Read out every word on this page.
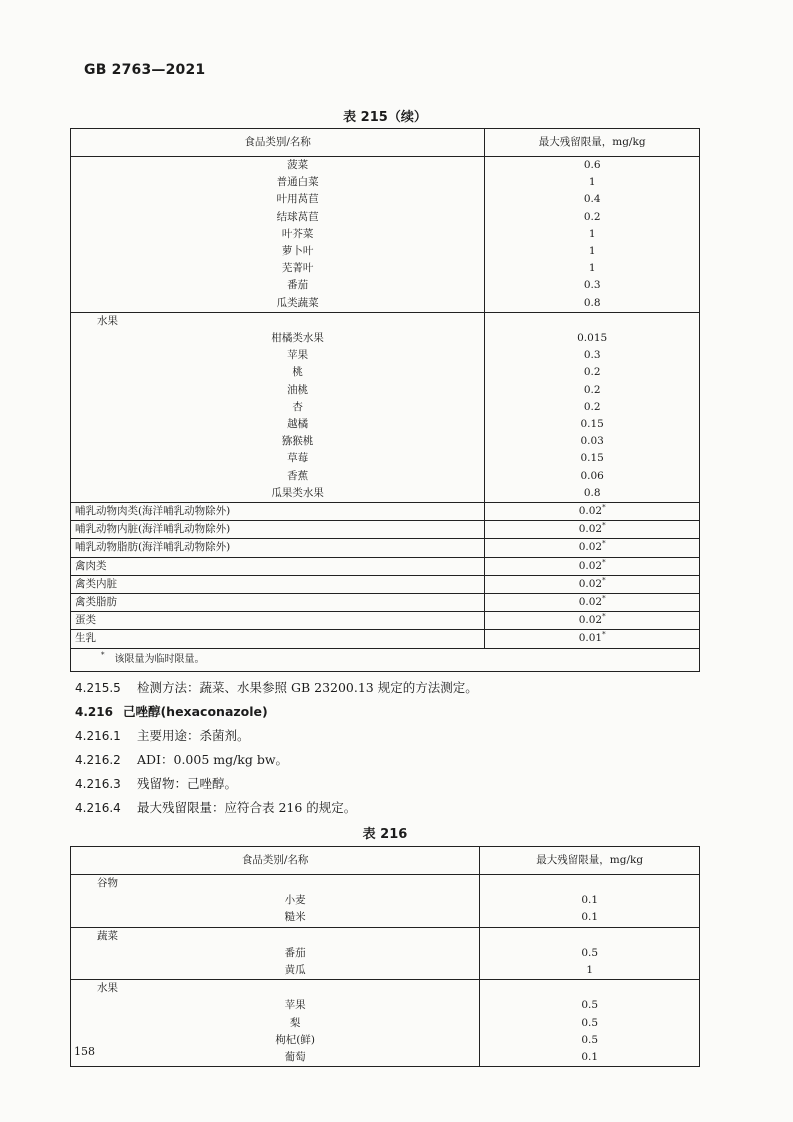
GB 2763—2021
表 215（续）
食品类别/名称	最大残留限量，mg/kg
菠菜	0.6
普通白菜	1
叶用莴苣	0.4
结球莴苣	0.2
叶芥菜	1
萝卜叶	1
芜菁叶	1
番茄	0.3
瓜类蔬菜	0.8
水果	
柑橘类水果	0.015
苹果	0.3
桃	0.2
油桃	0.2
杏	0.2
越橘	0.15
猕猴桃	0.03
草莓	0.15
香蕉	0.06
瓜果类水果	0.8
哺乳动物肉类(海洋哺乳动物除外)	0.02*
哺乳动物内脏(海洋哺乳动物除外)	0.02*
哺乳动物脂肪(海洋哺乳动物除外)	0.02*
禽肉类	0.02*
禽类内脏	0.02*
禽类脂肪	0.02*
蛋类	0.02*
生乳	0.01*
* 该限量为临时限量。	
4.215.5 检测方法：蔬菜、水果参照 GB 23200.13 规定的方法测定。
4.216 己唑醇(hexaconazole)
4.216.1 主要用途：杀菌剂。
4.216.2 ADI：0.005 mg/kg bw。
4.216.3 残留物：己唑醇。
4.216.4 最大残留限量：应符合表 216 的规定。
表 216
食品类别/名称	最大残留限量，mg/kg
谷物	
小麦	0.1
糙米	0.1
蔬菜	
番茄	0.5
黄瓜	1
水果	
苹果	0.5
梨	0.5
枸杞(鲜)	0.5
葡萄	0.1
158
